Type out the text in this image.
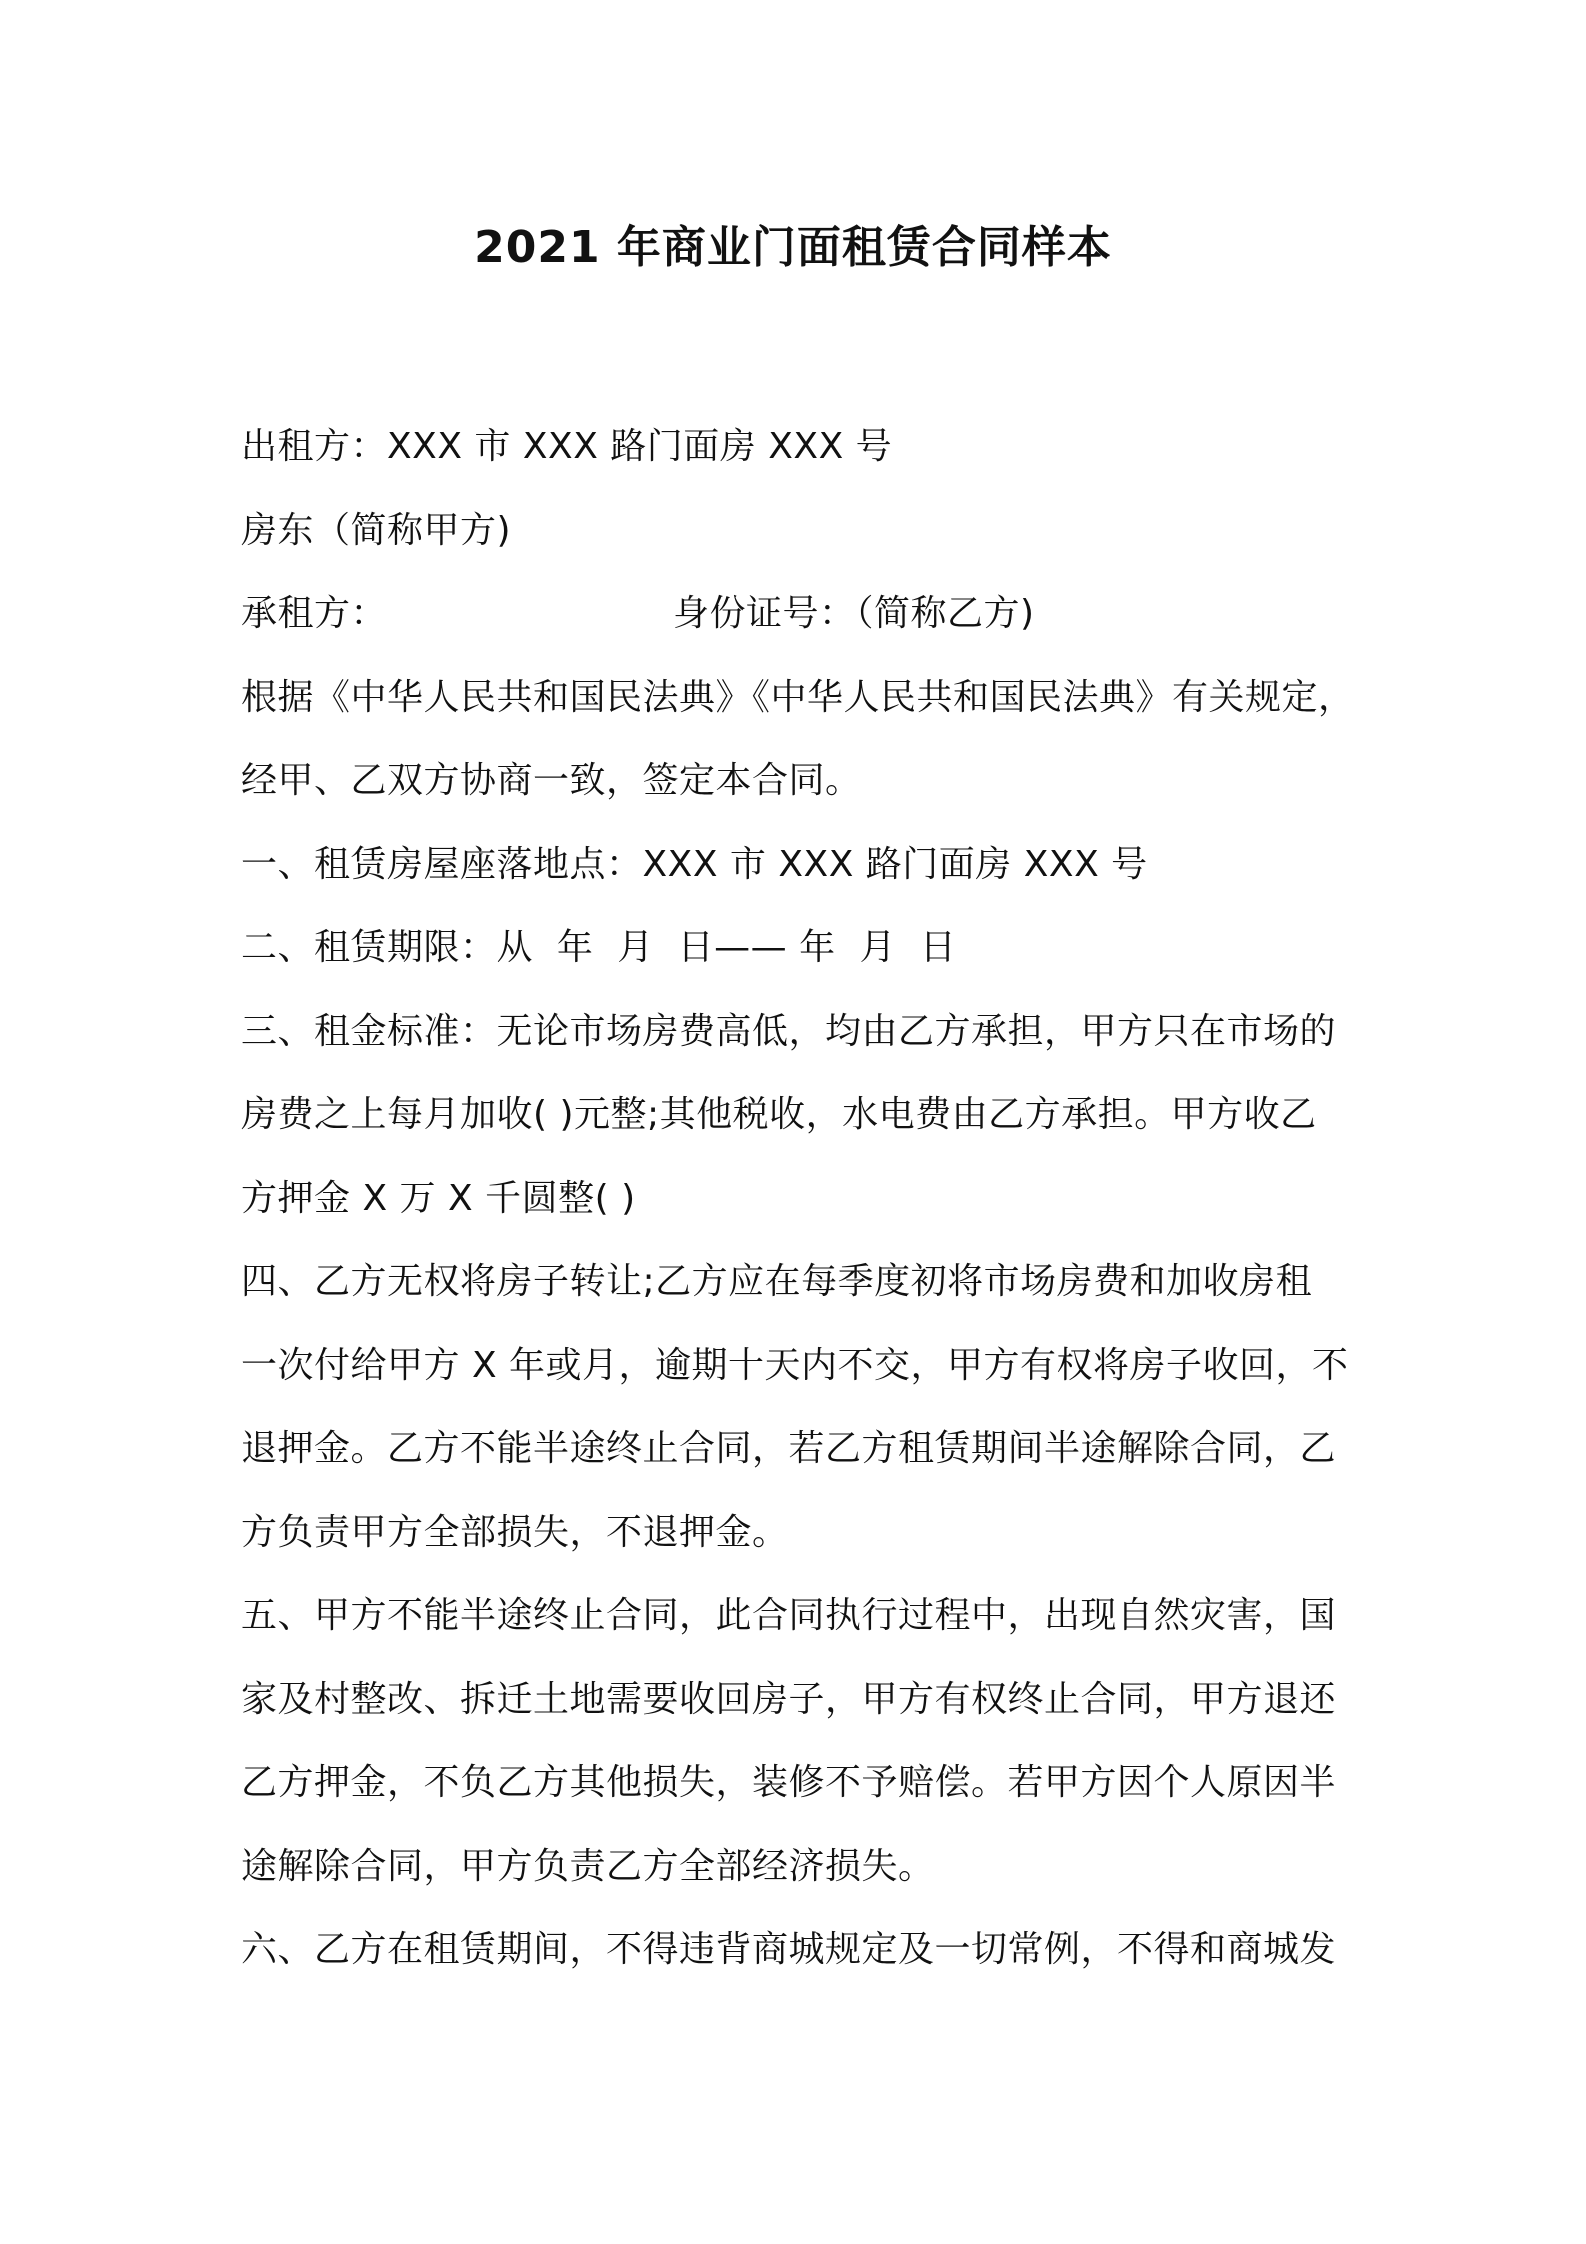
2021 年商业门面租赁合同样本
出租方：XXX 市 XXX 路门面房 XXX 号
房东（简称甲方)
承租方：	身份证号：（简称乙方)
根据《中华人民共和国民法典》《中华人民共和国民法典》有关规定，
经甲、乙双方协商一致，签定本合同。
一、租赁房屋座落地点：XXX 市 XXX 路门面房 XXX 号
二、租赁期限：从  年  月  日—— 年  月  日
三、租金标准：无论市场房费高低，均由乙方承担，甲方只在市场的
房费之上每月加收( )元整;其他税收，水电费由乙方承担。甲方收乙
方押金 X 万 X 千圆整( )
四、乙方无权将房子转让;乙方应在每季度初将市场房费和加收房租
一次付给甲方 X 年或月，逾期十天内不交，甲方有权将房子收回，不
退押金。乙方不能半途终止合同，若乙方租赁期间半途解除合同，乙
方负责甲方全部损失，不退押金。
五、甲方不能半途终止合同，此合同执行过程中，出现自然灾害，国
家及村整改、拆迁土地需要收回房子，甲方有权终止合同，甲方退还
乙方押金，不负乙方其他损失，装修不予赔偿。若甲方因个人原因半
途解除合同，甲方负责乙方全部经济损失。
六、乙方在租赁期间，不得违背商城规定及一切常例，不得和商城发
